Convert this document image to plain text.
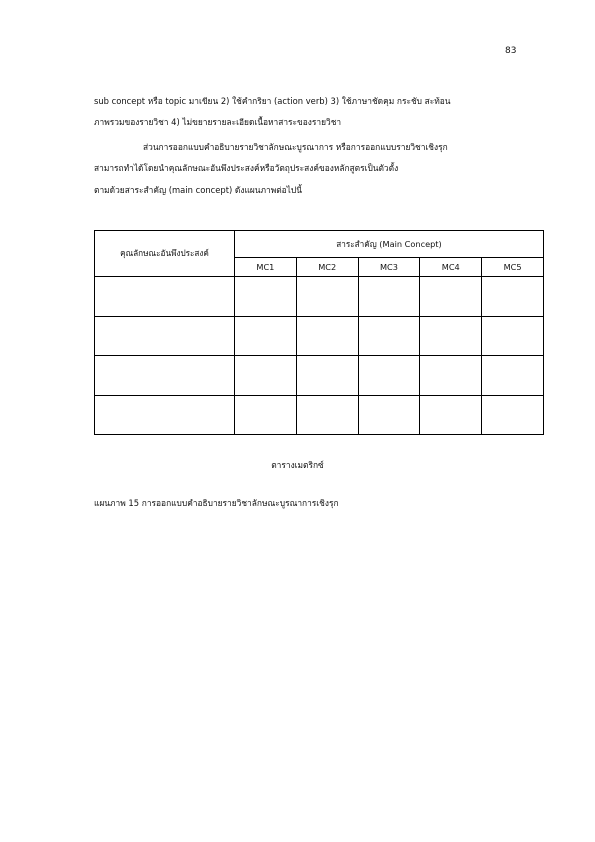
83
sub concept หรือ topic มาเขียน 2) ใช้คำกริยา (action verb) 3) ใช้ภาษาชัดคุม กระชับ สะท้อน
ภาพรวมของรายวิชา 4) ไม่ขยายรายละเอียดเนื้อหาสาระของรายวิชา
ส่วนการออกแบบคำอธิบายรายวิชาลักษณะบูรณาการ หรือการออกแบบรายวิชาเชิงรุก
สามารถทำได้โดยนำคุณลักษณะอันพึงประสงค์หรือวัตถุประสงค์ของหลักสูตรเป็นตัวตั้ง
ตามด้วยสาระสำคัญ (main concept) ดังแผนภาพต่อไปนี้
คุณลักษณะอันพึงประสงค์	สาระสำคัญ (Main Concept)				
	MC1	MC2	MC3	MC4	MC5

ตารางเมตริกซ์
แผนภาพ 15 การออกแบบคำอธิบายรายวิชาลักษณะบูรณาการเชิงรุก
